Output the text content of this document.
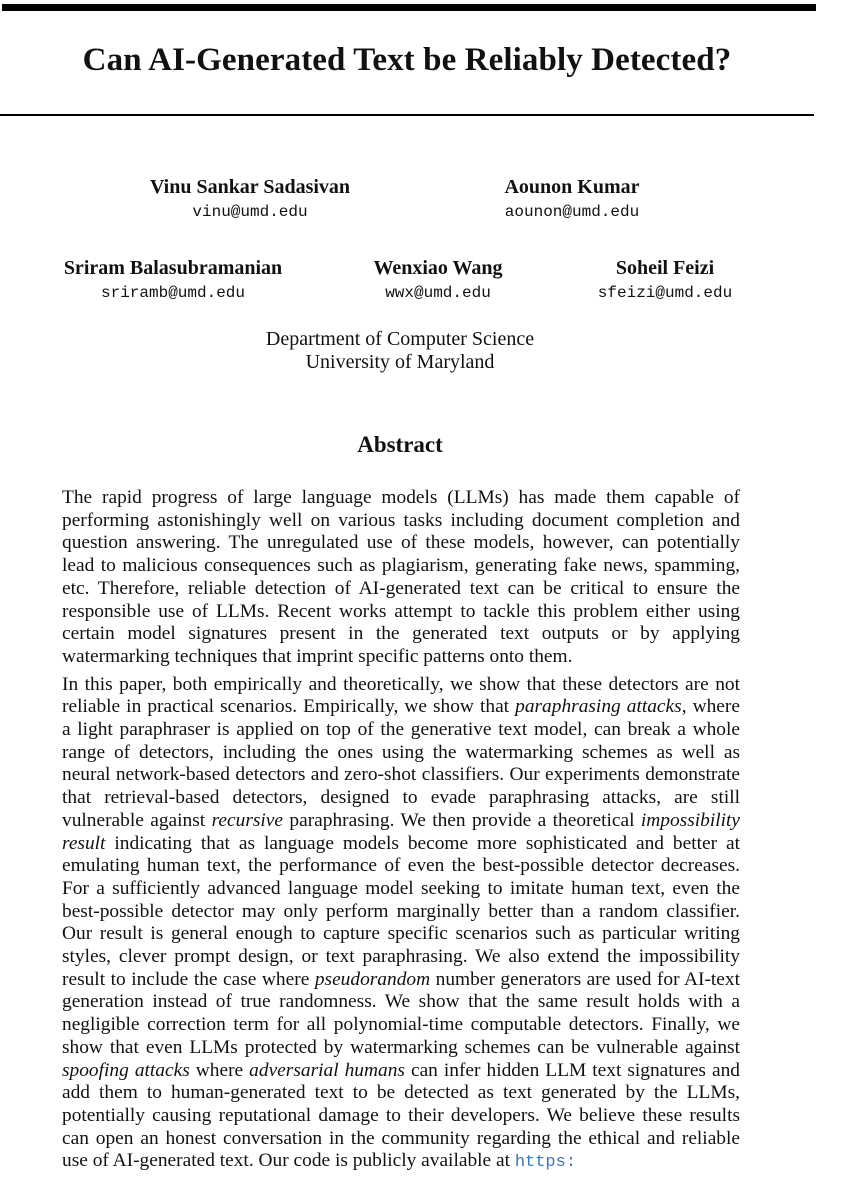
Can AI-Generated Text be Reliably Detected?
Vinu Sankar Sadasivan
vinu@umd.edu
Aounon Kumar
aounon@umd.edu
Sriram Balasubramanian
sriramb@umd.edu
Wenxiao Wang
wwx@umd.edu
Soheil Feizi
sfeizi@umd.edu
Department of Computer Science
University of Maryland
Abstract

The rapid progress of large language models (LLMs) has made them capable of performing astonishingly well on various tasks including document completion and question answering. The unregulated use of these models, however, can potentially lead to malicious consequences such as plagiarism, generating fake news, spamming, etc. Therefore, reliable detection of AI-generated text can be critical to ensure the responsible use of LLMs. Recent works attempt to tackle this problem either using certain model signatures present in the generated text outputs or by applying watermarking techniques that imprint specific patterns onto them.

In this paper, both empirically and theoretically, we show that these detectors are not reliable in practical scenarios. Empirically, we show that paraphrasing attacks, where a light paraphraser is applied on top of the generative text model, can break a whole range of detectors, including the ones using the watermarking schemes as well as neural network-based detectors and zero-shot classifiers. Our experiments demonstrate that retrieval-based detectors, designed to evade paraphrasing attacks, are still vulnerable against recursive paraphrasing. We then provide a theoretical impossibility result indicating that as language models become more sophisticated and better at emulating human text, the performance of even the best-possible detector decreases. For a sufficiently advanced language model seeking to imitate human text, even the best-possible detector may only perform marginally better than a random classifier. Our result is general enough to capture specific scenarios such as particular writing styles, clever prompt design, or text paraphrasing. We also extend the impossibility result to include the case where pseudorandom number generators are used for AI-text generation instead of true randomness. We show that the same result holds with a negligible correction term for all polynomial-time computable detectors. Finally, we show that even LLMs protected by watermarking schemes can be vulnerable against spoofing attacks where adversarial humans can infer hidden LLM text signatures and add them to human-generated text to be detected as text generated by the LLMs, potentially causing reputational damage to their developers. We believe these results can open an honest conversation in the community regarding the ethical and reliable use of AI-generated text. Our code is publicly available at https:
